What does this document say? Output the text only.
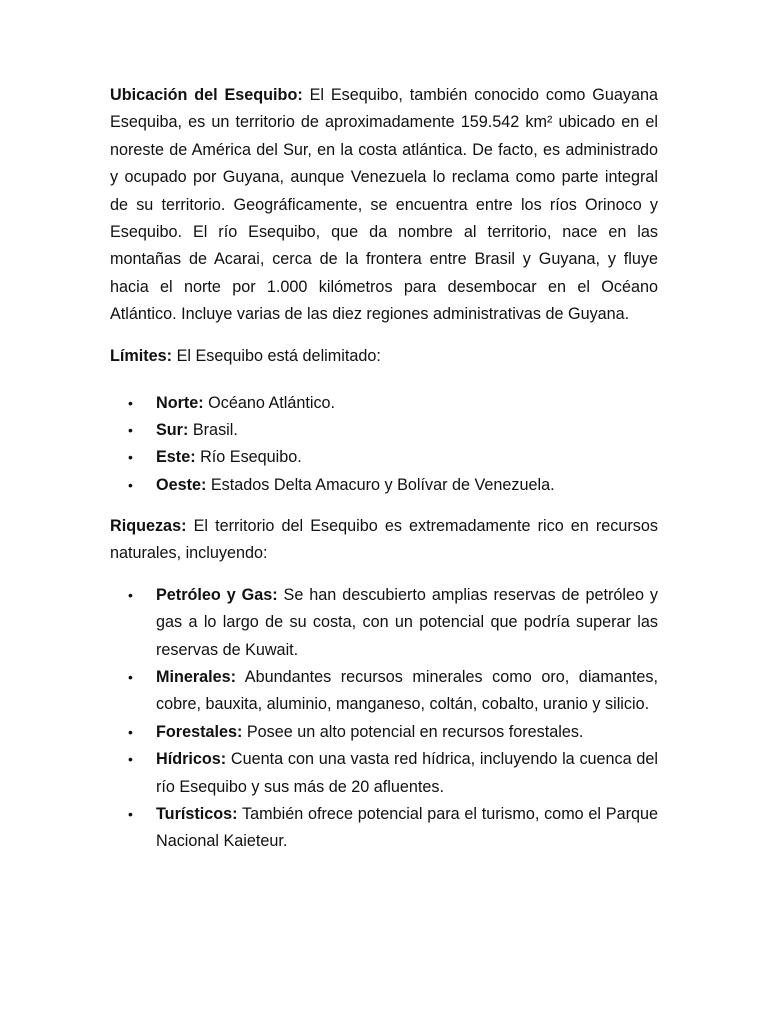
Ubicación del Esequibo: El Esequibo, también conocido como Guayana Esequiba, es un territorio de aproximadamente 159.542 km² ubicado en el noreste de América del Sur, en la costa atlántica. De facto, es administrado y ocupado por Guyana, aunque Venezuela lo reclama como parte integral de su territorio. Geográficamente, se encuentra entre los ríos Orinoco y Esequibo. El río Esequibo, que da nombre al territorio, nace en las montañas de Acarai, cerca de la frontera entre Brasil y Guyana, y fluye hacia el norte por 1.000 kilómetros para desembocar en el Océano Atlántico. Incluye varias de las diez regiones administrativas de Guyana.

Límites: El Esequibo está delimitado:

•	Norte: Océano Atlántico.
•	Sur: Brasil.
•	Este: Río Esequibo.
•	Oeste: Estados Delta Amacuro y Bolívar de Venezuela.

Riquezas: El territorio del Esequibo es extremadamente rico en recursos naturales, incluyendo:

•	Petróleo y Gas: Se han descubierto amplias reservas de petróleo y gas a lo largo de su costa, con un potencial que podría superar las reservas de Kuwait.
•	Minerales: Abundantes recursos minerales como oro, diamantes, cobre, bauxita, aluminio, manganeso, coltán, cobalto, uranio y silicio.
•	Forestales: Posee un alto potencial en recursos forestales.
•	Hídricos: Cuenta con una vasta red hídrica, incluyendo la cuenca del río Esequibo y sus más de 20 afluentes.
•	Turísticos: También ofrece potencial para el turismo, como el Parque Nacional Kaieteur.
